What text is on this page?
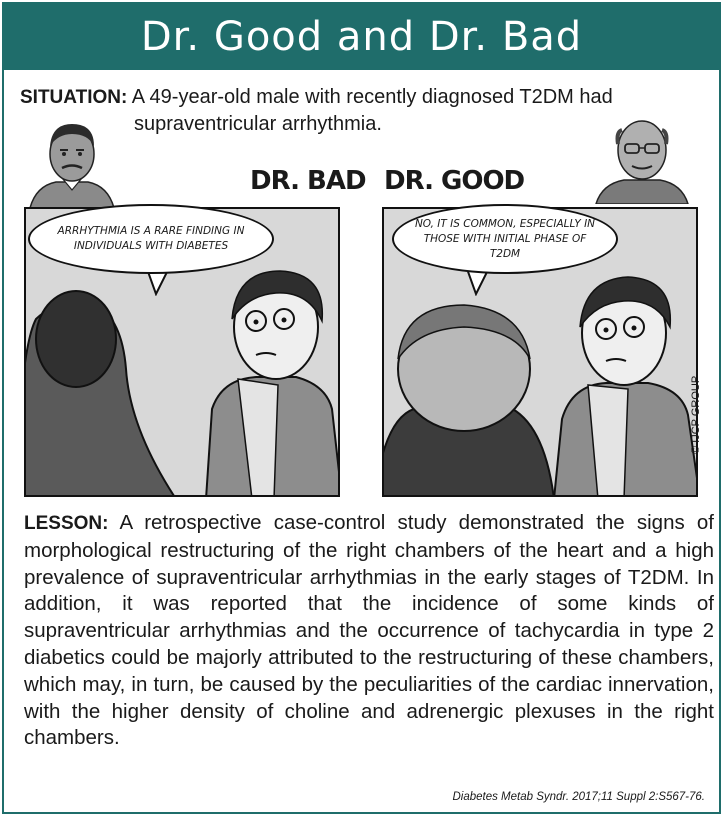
Dr. Good and Dr. Bad
SITUATION: A 49-year-old male with recently diagnosed T2DM had
supraventricular arrhythmia.
DR. BAD DR. GOOD
ARRHYTHMIA IS A RARE FINDING IN INDIVIDUALS WITH DIABETES
NO, IT IS COMMON, ESPECIALLY IN THOSE WITH INITIAL PHASE OF T2DM
© IJCP GROUP
LESSON: A retrospective case-control study demonstrated the signs of morphological restructuring of the right chambers of the heart and a high prevalence of supraventricular arrhythmias in the early stages of T2DM. In addition, it was reported that the incidence of some kinds of supraventricular arrhythmias and the occurrence of tachycardia in type 2 diabetics could be majorly attributed to the restructuring of these chambers, which may, in turn, be caused by the peculiarities of the cardiac innervation, with the higher density of choline and adrenergic plexuses in the right chambers.
Diabetes Metab Syndr. 2017;11 Suppl 2:S567-76.
